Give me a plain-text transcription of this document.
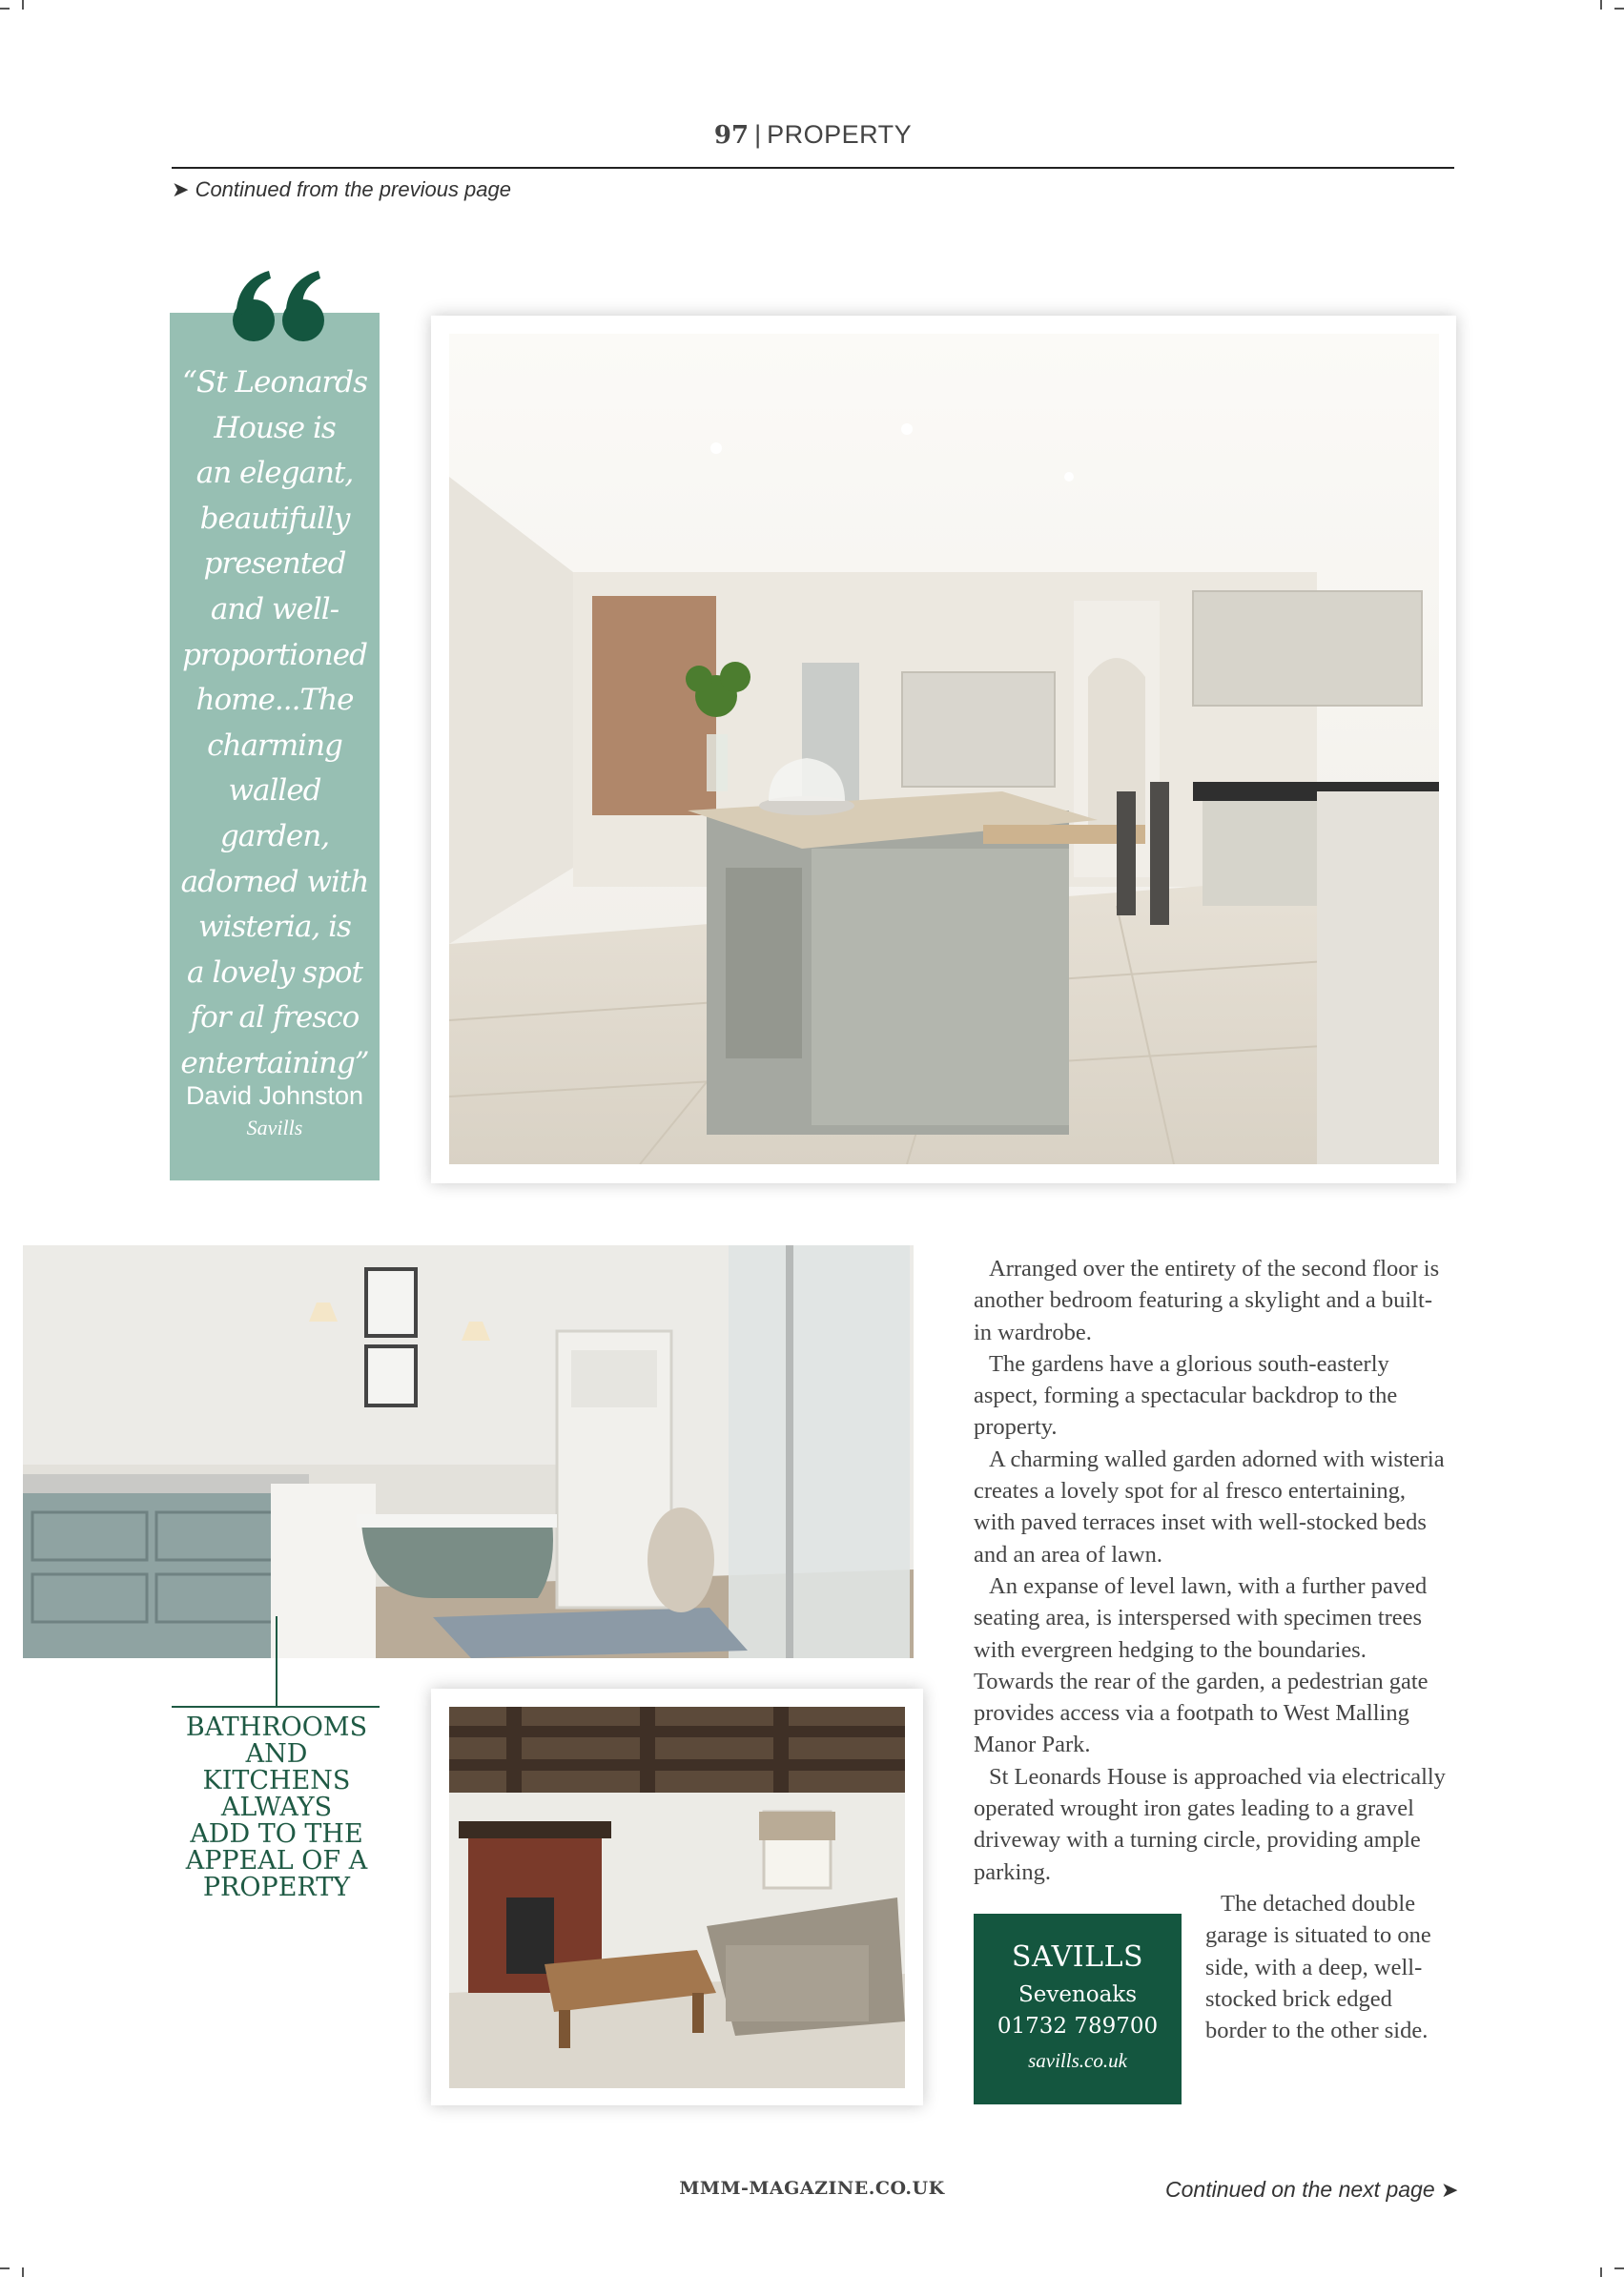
97 | PROPERTY
➤ Continued from the previous page
“St Leonards
House is
an elegant,
beautifully
presented
and well-
proportioned
home...The
charming
walled garden,
adorned with
wisteria, is
a lovely spot
for al fresco
entertaining”
David Johnston
Savills
BATHROOMS
AND
KITCHENS
ALWAYS
ADD TO THE
APPEAL OF A
PROPERTY

Arranged over the entirety of the second floor is another bedroom featuring a skylight and a built-in wardrobe.

The gardens have a glorious south-easterly aspect, forming a spectacular backdrop to the property.

A charming walled garden adorned with wisteria creates a lovely spot for al fresco entertaining, with paved terraces inset with well-stocked beds and an area of lawn.

An expanse of level lawn, with a further paved seating area, is interspersed with specimen trees with evergreen hedging to the boundaries. Towards the rear of the garden, a pedestrian gate provides access via a footpath to West Malling Manor Park.

St Leonards House is approached via electrically operated wrought iron gates leading to a gravel driveway with a turning circle, providing ample parking.

The detached double garage is situated to one side, with a deep, well-stocked brick edged border to the other side.

SAVILLS
Sevenoaks
01732 789700
savills.co.uk
MMM-MAGAZINE.CO.UK	Continued on the next page ➤
